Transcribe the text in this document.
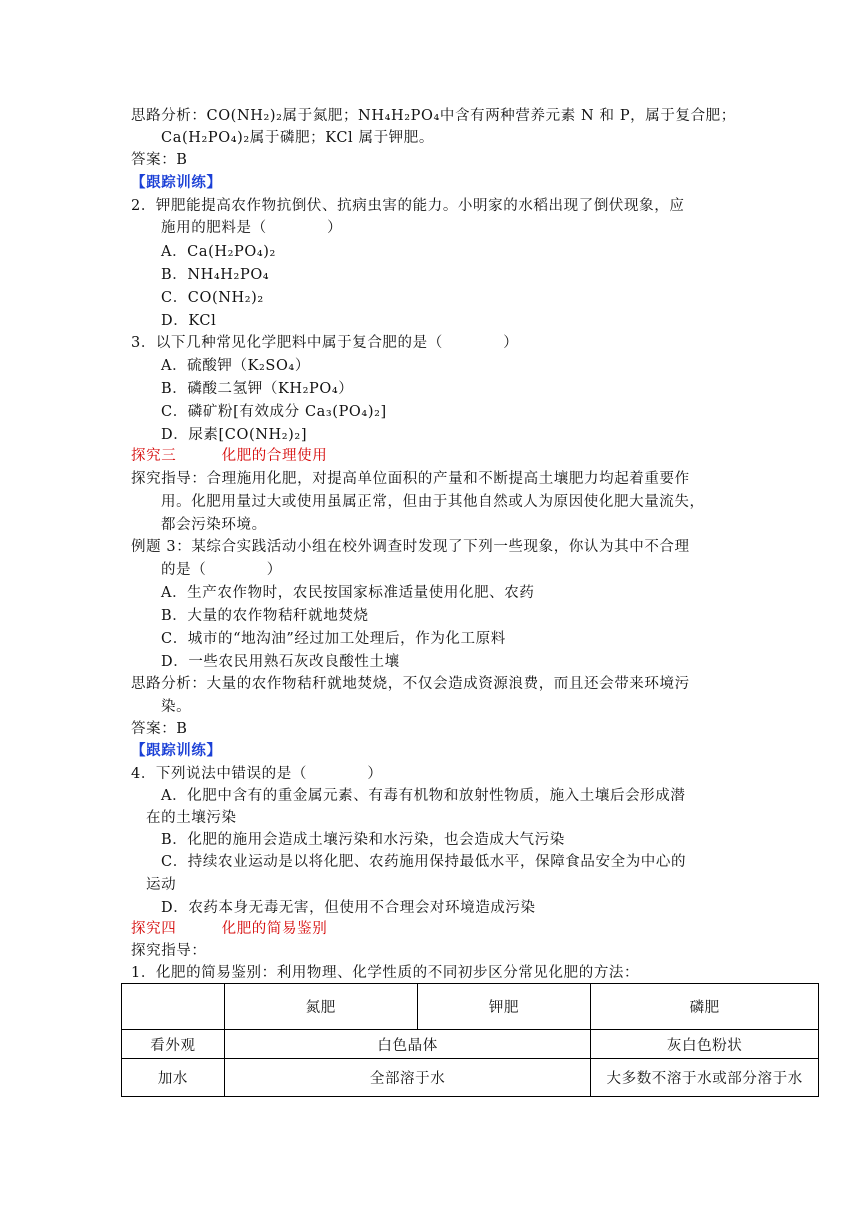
思路分析：CO(NH₂)₂属于氮肥；NH₄H₂PO₄中含有两种营养元素 N 和 P，属于复合肥；
Ca(H₂PO₄)₂属于磷肥；KCl 属于钾肥。
答案：B
【跟踪训练】
2．钾肥能提高农作物抗倒伏、抗病虫害的能力。小明家的水稻出现了倒伏现象，应
施用的肥料是（　　　　）
A．Ca(H₂PO₄)₂
B．NH₄H₂PO₄
C．CO(NH₂)₂
D．KCl
3．以下几种常见化学肥料中属于复合肥的是（　　　　）
A．硫酸钾（K₂SO₄）
B．磷酸二氢钾（KH₂PO₄）
C．磷矿粉[有效成分 Ca₃(PO₄)₂]
D．尿素[CO(NH₂)₂]
探究三　　　化肥的合理使用
探究指导：合理施用化肥，对提高单位面积的产量和不断提高土壤肥力均起着重要作
用。化肥用量过大或使用虽属正常，但由于其他自然或人为原因使化肥大量流失，
都会污染环境。
例题 3：某综合实践活动小组在校外调查时发现了下列一些现象，你认为其中不合理
的是（　　　　）
A．生产农作物时，农民按国家标准适量使用化肥、农药
B．大量的农作物秸秆就地焚烧
C．城市的“地沟油”经过加工处理后，作为化工原料
D．一些农民用熟石灰改良酸性土壤
思路分析：大量的农作物秸秆就地焚烧，不仅会造成资源浪费，而且还会带来环境污
染。
答案：B
【跟踪训练】
4．下列说法中错误的是（　　　　）
A．化肥中含有的重金属元素、有毒有机物和放射性物质，施入土壤后会形成潜
在的土壤污染
B．化肥的施用会造成土壤污染和水污染，也会造成大气污染
C．持续农业运动是以将化肥、农药施用保持最低水平，保障食品安全为中心的
运动
D．农药本身无毒无害，但使用不合理会对环境造成污染
探究四　　　化肥的简易鉴别
探究指导：
1．化肥的简易鉴别：利用物理、化学性质的不同初步区分常见化肥的方法：
	氮肥	钾肥	磷肥
看外观	白色晶体		灰白色粉状
加水	全部溶于水		大多数不溶于水或部分溶于水
